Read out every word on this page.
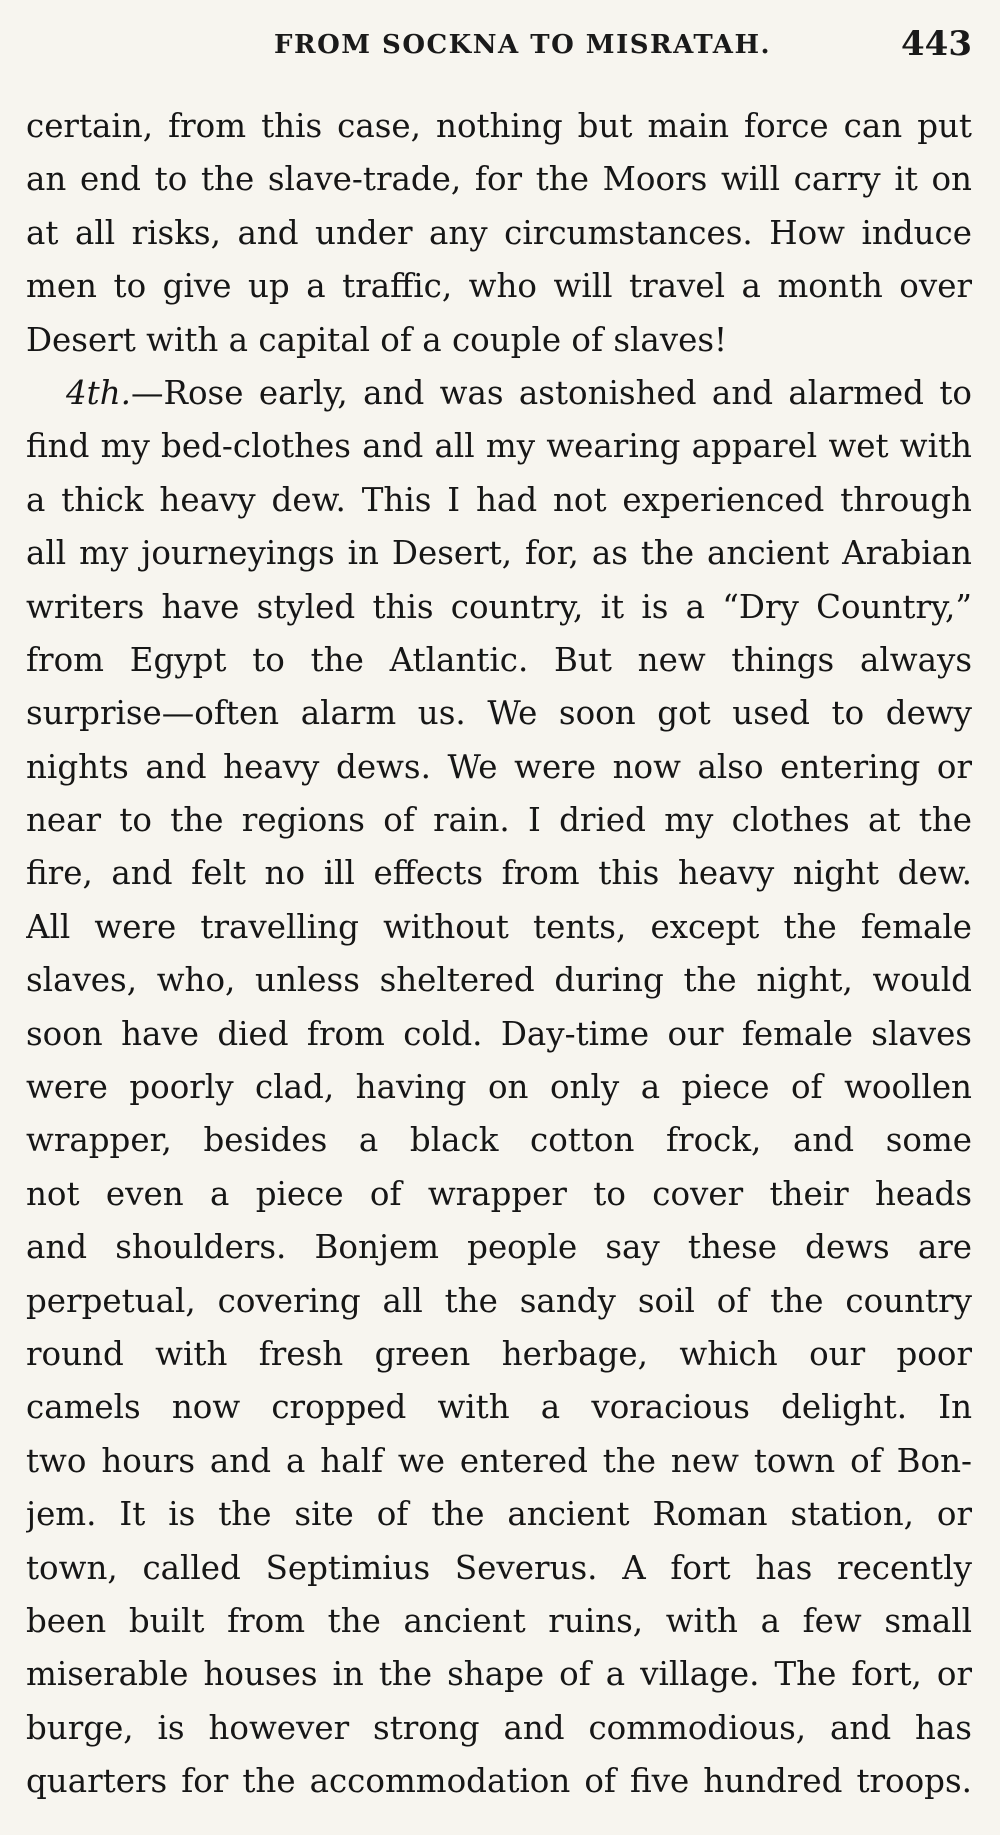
FROM SOCKNA TO MISRATAH.	443
certain, from this case, nothing but main force can put
an end to the slave-trade, for the Moors will carry it on
at all risks, and under any circumstances. How induce
men to give up a traffic, who will travel a month over
Desert with a capital of a couple of slaves!
4th.—Rose early, and was astonished and alarmed to
find my bed-clothes and all my wearing apparel wet with
a thick heavy dew. This I had not experienced through
all my journeyings in Desert, for, as the ancient Arabian
writers have styled this country, it is a “Dry Country,”
from Egypt to the Atlantic. But new things always
surprise—often alarm us. We soon got used to dewy
nights and heavy dews. We were now also entering or
near to the regions of rain. I dried my clothes at the
fire, and felt no ill effects from this heavy night dew.
All were travelling without tents, except the female
slaves, who, unless sheltered during the night, would
soon have died from cold. Day-time our female slaves
were poorly clad, having on only a piece of woollen
wrapper, besides a black cotton frock, and some
not even a piece of wrapper to cover their heads
and shoulders. Bonjem people say these dews are
perpetual, covering all the sandy soil of the country
round with fresh green herbage, which our poor
camels now cropped with a voracious delight. In
two hours and a half we entered the new town of Bon-
jem. It is the site of the ancient Roman station, or
town, called Septimius Severus. A fort has recently
been built from the ancient ruins, with a few small
miserable houses in the shape of a village. The fort, or
burge, is however strong and commodious, and has
quarters for the accommodation of five hundred troops.
